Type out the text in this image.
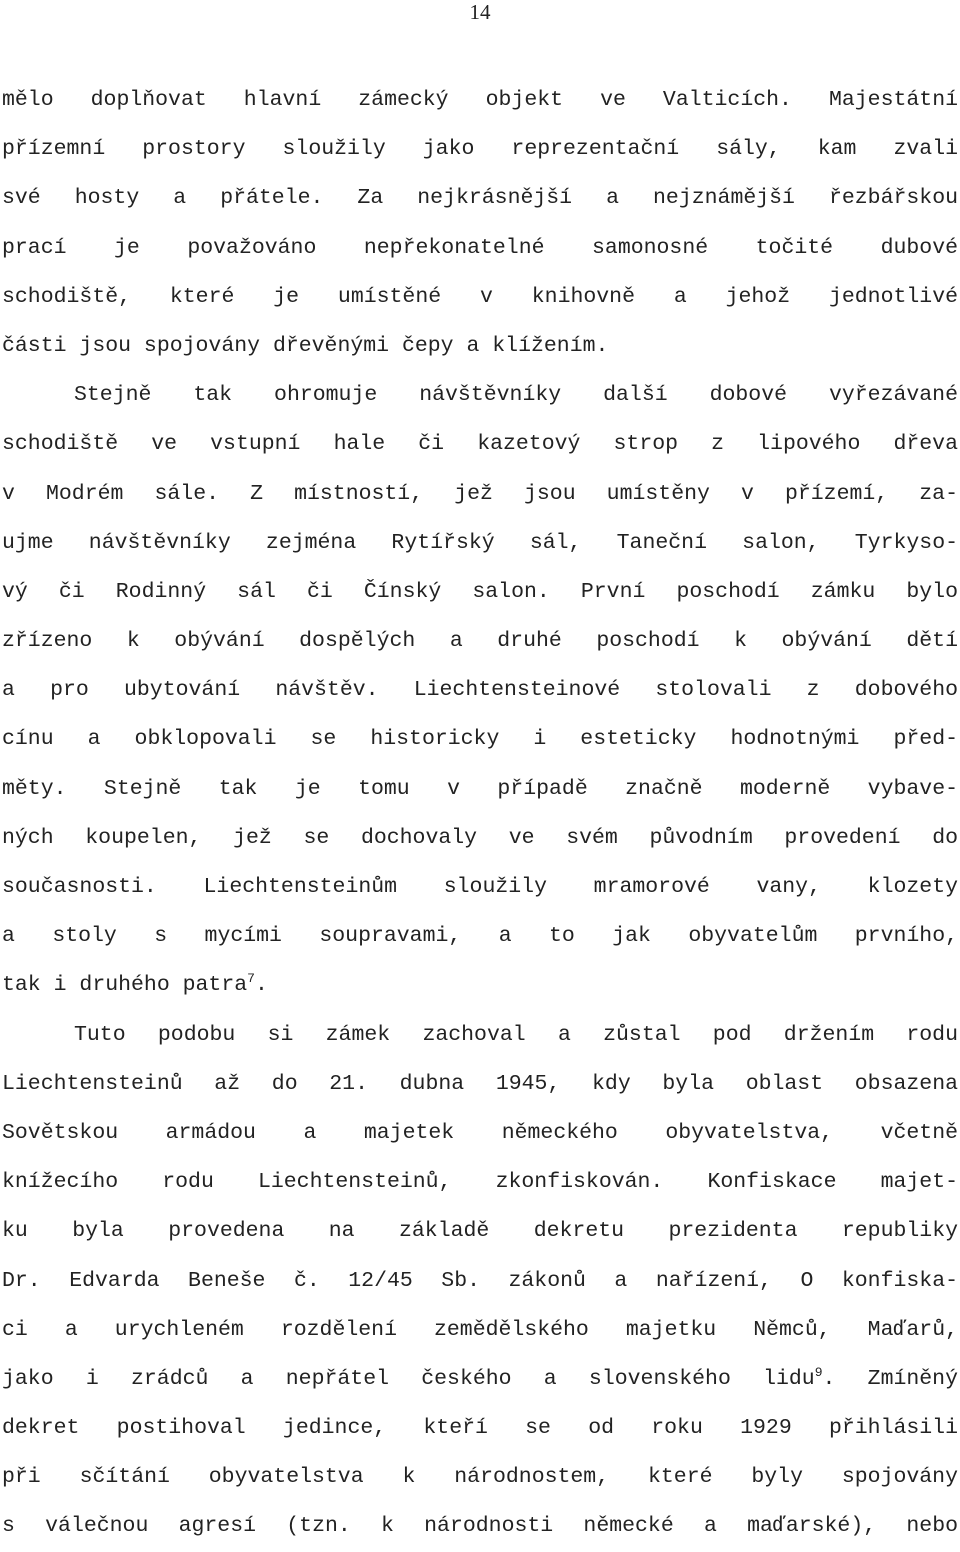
14
mělo doplňovat hlavní zámecký objekt ve Valticích. Majestátní
přízemní prostory sloužily jako reprezentační sály, kam zvali
své hosty a přátele. Za nejkrásnější a nejznámější řezbářskou
prací je považováno nepřekonatelné samonosné točité dubové
schodiště, které je umístěné v knihovně a jehož jednotlivé
části jsou spojovány dřevěnými čepy a klížením.
Stejně tak ohromuje návštěvníky další dobové vyřezávané
schodiště ve vstupní hale či kazetový strop z lipového dřeva
v Modrém sále. Z místností, jež jsou umístěny v přízemí, za-
ujme návštěvníky zejména Rytířský sál, Taneční salon, Tyrkyso-
vý či Rodinný sál či Čínský salon. První poschodí zámku bylo
zřízeno k obývání dospělých a druhé poschodí k obývání dětí
a pro ubytování návštěv. Liechtensteinové stolovali z dobového
cínu a obklopovali se historicky i esteticky hodnotnými před-
měty. Stejně tak je tomu v případě značně moderně vybave-
ných koupelen, jež se dochovaly ve svém původním provedení do
současnosti. Liechtensteinům sloužily mramorové vany, klozety
a stoly s mycími soupravami, a to jak obyvatelům prvního,
tak i druhého patra$^7$.
Tuto podobu si zámek zachoval a zůstal pod držením rodu
Liechtensteinů až do 21. dubna 1945, kdy byla oblast obsazena
Sovětskou armádou a majetek německého obyvatelstva, včetně
knížecího rodu Liechtensteinů, zkonfiskován. Konfiskace majet-
ku byla provedena na základě dekretu prezidenta republiky
Dr. Edvarda Beneše č. 12/45 Sb. zákonů a nařízení, O konfiska-
ci a urychleném rozdělení zemědělského majetku Němců, Maďarů,
jako i zrádců a nepřátel českého a slovenského lidu$^9$. Zmíněný
dekret postihoval jedince, kteří se od roku 1929 přihlásili
při sčítání obyvatelstva k národnostem, které byly spojovány
s válečnou agresí (tzn. k národnosti německé a maďarské), nebo
